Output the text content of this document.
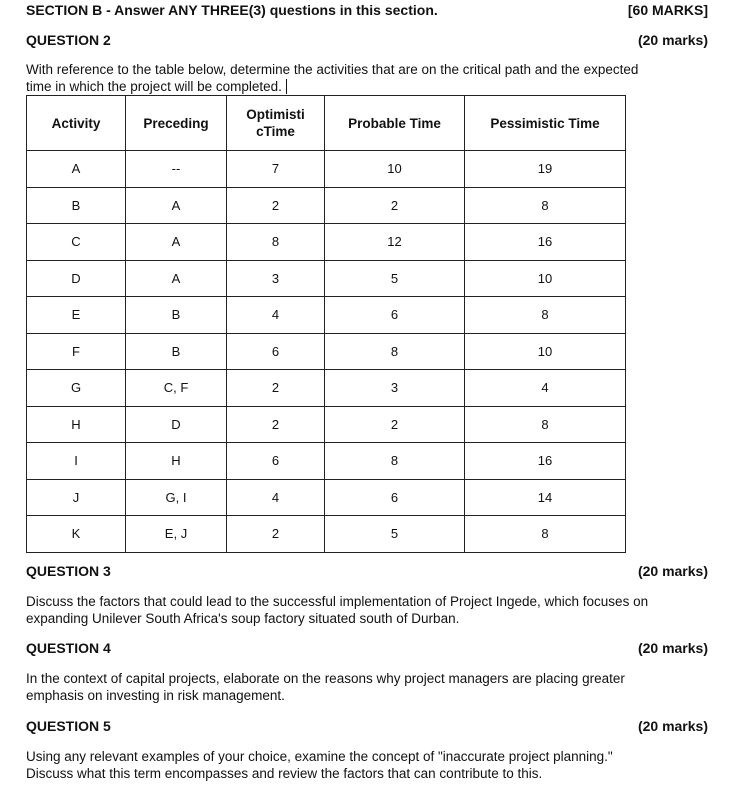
SECTION B - Answer ANY THREE(3) questions in this section.	[60 MARKS]
QUESTION 2	(20 marks)
With reference to the table below, determine the activities that are on the critical path and the expected
time in which the project will be completed.
Activity	Preceding	Optimisti
cTime	Probable Time	Pessimistic Time
A	--	7	10	19
B	A	2	2	8
C	A	8	12	16
D	A	3	5	10
E	B	4	6	8
F	B	6	8	10
G	C, F	2	3	4
H	D	2	2	8
I	H	6	8	16
J	G, I	4	6	14
K	E, J	2	5	8
QUESTION 3	(20 marks)
Discuss the factors that could lead to the successful implementation of Project Ingede, which focuses on
expanding Unilever South Africa's soup factory situated south of Durban.
QUESTION 4	(20 marks)
In the context of capital projects, elaborate on the reasons why project managers are placing greater
emphasis on investing in risk management.
QUESTION 5	(20 marks)
Using any relevant examples of your choice, examine the concept of "inaccurate project planning."
Discuss what this term encompasses and review the factors that can contribute to this.
